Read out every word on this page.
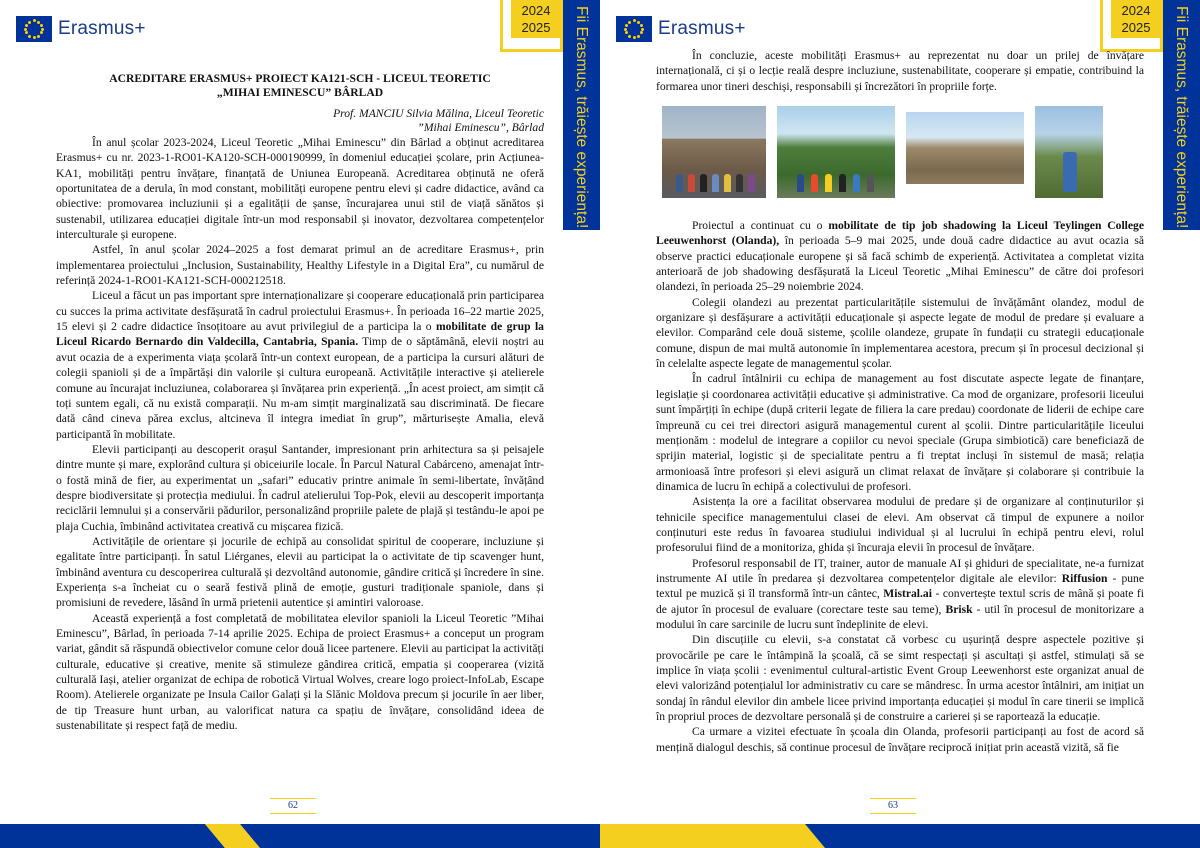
Erasmus+
2024
2025	Fii Erasmus, trăiește experiența!
ACREDITARE ERASMUS+ PROIECT KA121-SCH - LICEUL TEORETIC
„MIHAI EMINESCU” BÂRLAD
Prof. MANCIU Silvia Mălina, Liceul Teoretic
”Mihai Eminescu”, Bârlad

În anul școlar 2023-2024, Liceul Teoretic „Mihai Eminescu” din Bârlad a obținut acreditarea Erasmus+ cu nr. 2023-1-RO01-KA120-SCH-000190999, în domeniul educației școlare, prin Acțiunea-KA1, mobilități pentru învățare, finanțată de Uniunea Europeană. Acreditarea obținută ne oferă oportunitatea de a derula, în mod constant, mobilități europene pentru elevi și cadre didactice, având ca obiective: promovarea incluziunii și a egalității de șanse, încurajarea unui stil de viață sănătos și sustenabil, utilizarea educației digitale într-un mod responsabil și inovator, dezvoltarea competențelor interculturale și europene.

Astfel, în anul școlar 2024–2025 a fost demarat primul an de acreditare Erasmus+, prin implementarea proiectului „Inclusion, Sustainability, Healthy Lifestyle in a Digital Era”, cu numărul de referință 2024-1-RO01-KA121-SCH-000212518.

Liceul a făcut un pas important spre internaționalizare și cooperare educațională prin participarea cu succes la prima activitate desfășurată în cadrul proiectului Erasmus+. În perioada 16–22 martie 2025, 15 elevi și 2 cadre didactice însoțitoare au avut privilegiul de a participa la o mobilitate de grup la Liceul Ricardo Bernardo din Valdecilla, Cantabria, Spania. Timp de o săptămână, elevii noștri au avut ocazia de a experimenta viața școlară într-un context european, de a participa la cursuri alături de colegii spanioli și de a împărtăși din valorile și cultura europeană. Activitățile interactive și atelierele comune au încurajat incluziunea, colaborarea și învățarea prin experiență. „În acest proiect, am simțit că toți suntem egali, că nu există comparații. Nu m-am simțit marginalizată sau discriminată. De fiecare dată când cineva părea exclus, altcineva îl integra imediat în grup”, mărturisește Amalia, elevă participantă în mobilitate.

Elevii participanți au descoperit orașul Santander, impresionant prin arhitectura sa și peisajele dintre munte și mare, explorând cultura și obiceiurile locale. În Parcul Natural Cabárceno, amenajat într-o fostă mină de fier, au experimentat un „safari” educativ printre animale în semi-libertate, învățând despre biodiversitate și protecția mediului. În cadrul atelierului Top-Pok, elevii au descoperit importanța reciclării lemnului și a conservării pădurilor, personalizând propriile palete de plajă și testându-le apoi pe plaja Cuchia, îmbinând activitatea creativă cu mișcarea fizică.

Activitățile de orientare și jocurile de echipă au consolidat spiritul de cooperare, incluziune și egalitate între participanți. În satul Liérganes, elevii au participat la o activitate de tip scavenger hunt, îmbinând aventura cu descoperirea culturală și dezvoltând autonomie, gândire critică și încredere în sine. Experiența s-a încheiat cu o seară festivă plină de emoție, gusturi tradiționale spaniole, dans și promisiuni de revedere, lăsând în urmă prietenii autentice și amintiri valoroase.

Această experiență a fost completată de mobilitatea elevilor spanioli la Liceul Teoretic ”Mihai Eminescu”, Bârlad, în perioada 7-14 aprilie 2025. Echipa de proiect Erasmus+ a conceput un program variat, gândit să răspundă obiectivelor comune celor două licee partenere. Elevii au participat la activități culturale, educative și creative, menite să stimuleze gândirea critică, empatia și cooperarea (vizită culturală Iași, atelier organizat de echipa de robotică Virtual Wolves, creare logo proiect-InfoLab, Escape Room). Atelierele organizate pe Insula Cailor Galați și la Slănic Moldova precum și jocurile în aer liber, de tip Treasure hunt urban, au valorificat natura ca spațiu de învățare, consolidând ideea de sustenabilitate și respect față de mediu.

62
Erasmus+
2024
2025	Fii Erasmus, trăiește experiența!

În concluzie, aceste mobilități Erasmus+ au reprezentat nu doar un prilej de învățare internațională, ci și o lecție reală despre incluziune, sustenabilitate, cooperare și empatie, contribuind la formarea unor tineri deschiși, responsabili și încrezători în propriile forțe.

Proiectul a continuat cu o mobilitate de tip job shadowing la Liceul Teylingen College Leeuwenhorst (Olanda), în perioada 5–9 mai 2025, unde două cadre didactice au avut ocazia să observe practici educaționale europene și să facă schimb de experiență. Activitatea a completat vizita anterioară de job shadowing desfășurată la Liceul Teoretic „Mihai Eminescu” de către doi profesori olandezi, în perioada 25–29 noiembrie 2024.

Colegii olandezi au prezentat particularitățile sistemului de învățământ olandez, modul de organizare și desfășurare a activității educaționale și aspecte legate de modul de predare și evaluare a elevilor. Comparând cele două sisteme, școlile olandeze, grupate în fundații cu strategii educaționale comune, dispun de mai multă autonomie în implementarea acestora, precum și în procesul decizional și în celelalte aspecte legate de managementul școlar.

În cadrul întâlnirii cu echipa de management au fost discutate aspecte legate de finanțare, legislație și coordonarea activității educative și administrative. Ca mod de organizare, profesorii liceului sunt împărțiți în echipe (după criterii legate de filiera la care predau) coordonate de liderii de echipe care împreună cu cei trei directori asigură managementul curent al școlii. Dintre particularitățile liceului menționăm : modelul de integrare a copiilor cu nevoi speciale (Grupa simbiotică) care beneficiază de sprijin material, logistic și de specialitate pentru a fi treptat incluși în sistemul de masă; relația armonioasă între profesori și elevi asigură un climat relaxat de învățare și colaborare și contribuie la dinamica de lucru în echipă a colectivului de profesori.

Asistența la ore a facilitat observarea modului de predare și de organizare al conținuturilor și tehnicile specifice managementului clasei de elevi. Am observat că timpul de expunere a noilor conținuturi este redus în favoarea studiului individual și al lucrului în echipă pentru elevi, rolul profesorului fiind de a monitoriza, ghida și încuraja elevii în procesul de învățare.

Profesorul responsabil de IT, trainer, autor de manuale AI și ghiduri de specialitate, ne-a furnizat instrumente AI utile în predarea și dezvoltarea competențelor digitale ale elevilor: Riffusion - pune textul pe muzică și îl transformă într-un cântec, Mistral.ai - convertește textul scris de mână și poate fi de ajutor în procesul de evaluare (corectare teste sau teme), Brisk - util în procesul de monitorizare a modului în care sarcinile de lucru sunt îndeplinite de elevi.

Din discuțiile cu elevii, s-a constatat că vorbesc cu ușurință despre aspectele pozitive și provocările pe care le întâmpină la școală, că se simt respectați și ascultați și astfel, stimulați să se implice în viața școlii : evenimentul cultural-artistic Event Group Leewenhorst este organizat anual de elevi valorizând potențialul lor administrativ cu care se mândresc. În urma acestor întâlniri, am inițiat un sondaj în rândul elevilor din ambele licee privind importanța educației și modul în care tinerii se implică în propriul proces de dezvoltare personală și de construire a carierei și se raportează la educație.

Ca urmare a vizitei efectuate în școala din Olanda, profesorii participanți au fost de acord să mențină dialogul deschis, să continue procesul de învățare reciprocă inițiat prin această vizită, să fie

63
